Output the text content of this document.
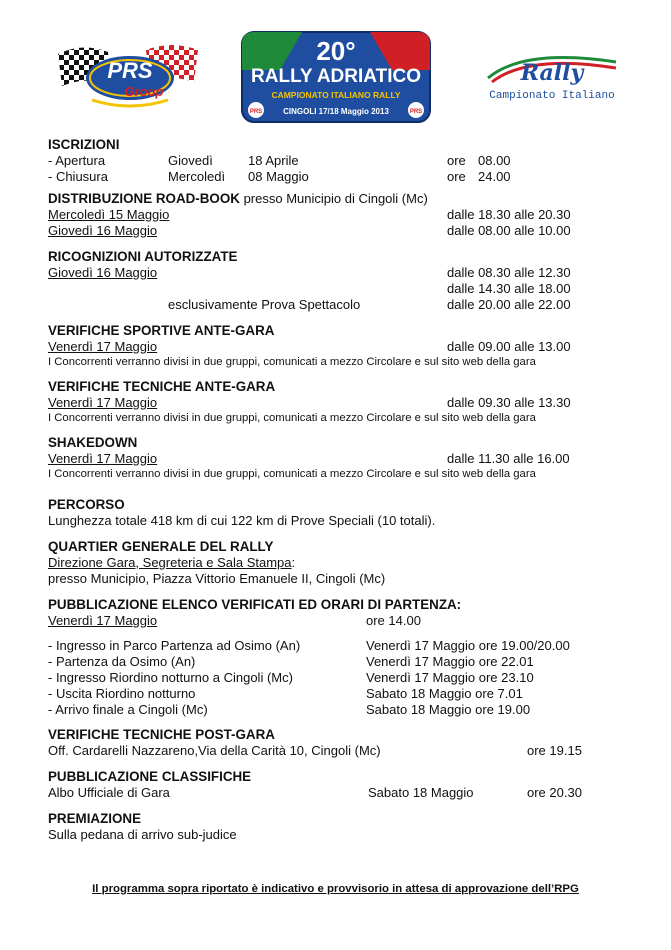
PRS
Group
20°
RALLY ADRIATICO
CAMPIONATO ITALIANO RALLY
CINGOLI 17/18 Maggio 2013
PRS	PRS
Rally
Campionato Italiano
ISCRIZIONI
- Apertura	Giovedì	18 Aprile	ore 08.00
- Chiusura	Mercoledì 08 Maggio	ore 24.00
DISTRIBUZIONE ROAD-BOOK presso Municipio di Cingoli (Mc)
Mercoledì 15 Maggio	dalle 18.30 alle 20.30
Giovedì 16 Maggio	dalle 08.00 alle 10.00
RICOGNIZIONI AUTORIZZATE
Giovedì 16 Maggio	dalle 08.30 alle 12.30
dalle 14.30 alle 18.00
esclusivamente Prova Spettacolo	dalle 20.00 alle 22.00
VERIFICHE SPORTIVE ANTE-GARA
Venerdì 17 Maggio	dalle 09.00 alle 13.00
I Concorrenti verranno divisi in due gruppi, comunicati a mezzo Circolare e sul sito web della gara
VERIFICHE TECNICHE ANTE-GARA
Venerdì 17 Maggio	dalle 09.30 alle 13.30
I Concorrenti verranno divisi in due gruppi, comunicati a mezzo Circolare e sul sito web della gara
SHAKEDOWN
Venerdì 17 Maggio	dalle 11.30 alle 16.00
I Concorrenti verranno divisi in due gruppi, comunicati a mezzo Circolare e sul sito web della gara
PERCORSO
Lunghezza totale 418 km di cui 122 km di Prove Speciali (10 totali).
QUARTIER GENERALE DEL RALLY
Direzione Gara, Segreteria e Sala Stampa:
presso Municipio, Piazza Vittorio Emanuele II, Cingoli (Mc)
PUBBLICAZIONE ELENCO VERIFICATI ED ORARI DI PARTENZA:
Venerdì 17 Maggio	ore 14.00
- Ingresso in Parco Partenza ad Osimo (An)	Venerdì 17 Maggio ore 19.00/20.00
- Partenza da Osimo (An)	Venerdì 17 Maggio ore 22.01
- Ingresso Riordino notturno a Cingoli (Mc)	Venerdì 17 Maggio ore 23.10
- Uscita Riordino notturno	Sabato 18 Maggio ore 7.01
- Arrivo finale a Cingoli (Mc)	Sabato 18 Maggio ore 19.00
VERIFICHE TECNICHE POST-GARA
Off. Cardarelli Nazzareno,Via della Carità 10, Cingoli (Mc)	ore 19.15
PUBBLICAZIONE CLASSIFICHE
Albo Ufficiale di Gara	Sabato 18 Maggio	ore 20.30
PREMIAZIONE
Sulla pedana di arrivo sub-judice
Il programma sopra riportato è indicativo e provvisorio in attesa di approvazione dell’RPG
